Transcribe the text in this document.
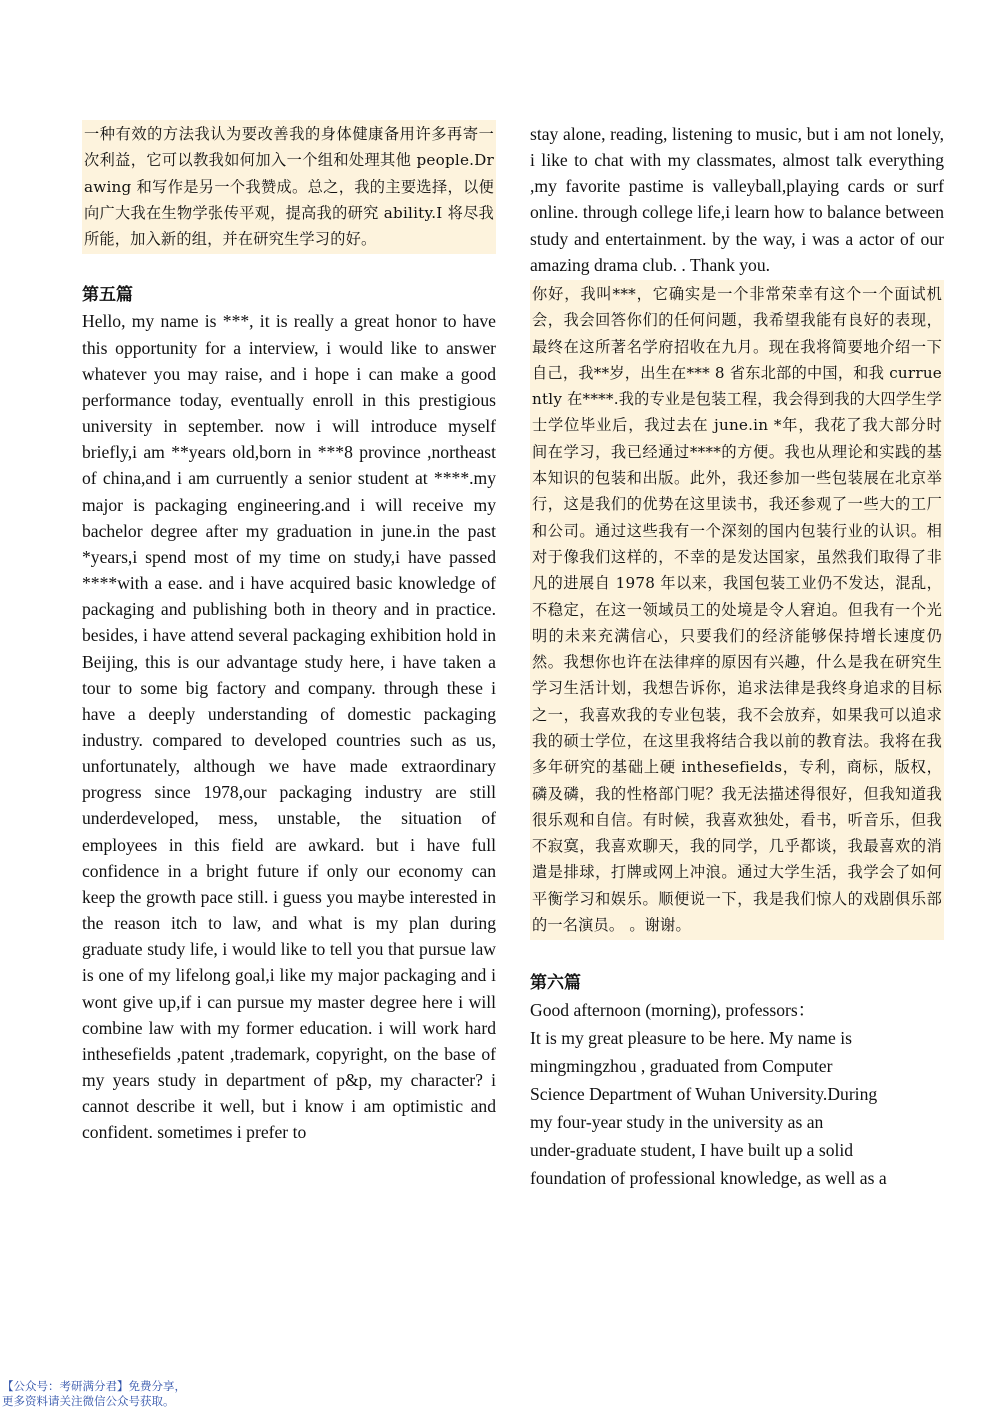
一种有效的方法我认为要改善我的身体健康备用许多再寄一次利益，它可以教我如何加入一个组和处理其他 people.Drawing 和写作是另一个我赞成。总之，我的主要选择，以便向广大我在生物学张传平观，提高我的研究 ability.I 将尽我所能，加入新的组，并在研究生学习的好。

第五篇

Hello, my name is ***, it is really a great honor to have this opportunity for a interview, i would like to answer whatever you may raise, and i hope i can make a good performance today, eventually enroll in this prestigious university in september. now i will introduce myself briefly,i am **years old,born in ***8 province ,northeast of china,and i am curruently a senior student at ****.my major is packaging engineering.and i will receive my bachelor degree after my graduation in june.in the past *years,i spend most of my time on study,i have passed ****with a ease. and i have acquired basic knowledge of packaging and publishing both in theory and in practice. besides, i have attend several packaging exhibition hold in Beijing, this is our advantage study here, i have taken a tour to some big factory and company. through these i have a deeply understanding of domestic packaging industry. compared to developed countries such as us, unfortunately, although we have made extraordinary progress since 1978,our packaging industry are still underdeveloped, mess, unstable, the situation of employees in this field are awkard. but i have full confidence in a bright future if only our economy can keep the growth pace still. i guess you maybe interested in the reason itch to law, and what is my plan during graduate study life, i would like to tell you that pursue law is one of my lifelong goal,i like my major packaging and i wont give up,if i can pursue my master degree here i will combine law with my former education. i will work hard inthesefields ,patent ,trademark, copyright, on the base of my years study in department of p&p, my character? i cannot describe it well, but i know i am optimistic and confident. sometimes i prefer to

stay alone, reading, listening to music, but i am not lonely, i like to chat with my classmates, almost talk everything ,my favorite pastime is valleyball,playing cards or surf online. through college life,i learn how to balance between study and entertainment. by the way, i was a actor of our amazing drama club. . Thank you.

你好，我叫***，它确实是一个非常荣幸有这个一个面试机会，我会回答你们的任何问题，我希望我能有良好的表现，最终在这所著名学府招收在九月。现在我将简要地介绍一下自己，我**岁，出生在*** 8 省东北部的中国，和我 curruently 在****.我的专业是包装工程，我会得到我的大四学生学士学位毕业后，我过去在 june.in *年，我花了我大部分时间在学习，我已经通过****的方便。我也从理论和实践的基本知识的包装和出版。此外，我还参加一些包装展在北京举行，这是我们的优势在这里读书，我还参观了一些大的工厂和公司。通过这些我有一个深刻的国内包装行业的认识。相对于像我们这样的，不幸的是发达国家，虽然我们取得了非凡的进展自 1978 年以来，我国包装工业仍不发达，混乱，不稳定，在这一领域员工的处境是令人窘迫。但我有一个光明的未来充满信心，只要我们的经济能够保持增长速度仍然。我想你也许在法律痒的原因有兴趣，什么是我在研究生学习生活计划，我想告诉你，追求法律是我终身追求的目标之一，我喜欢我的专业包装，我不会放弃，如果我可以追求我的硕士学位，在这里我将结合我以前的教育法。我将在我多年研究的基础上硬 inthesefields，专利，商标，版权，磷及磷，我的性格部门呢？我无法描述得很好，但我知道我很乐观和自信。有时候，我喜欢独处，看书，听音乐，但我不寂寞，我喜欢聊天，我的同学，几乎都谈，我最喜欢的消遣是排球，打牌或网上冲浪。通过大学生活，我学会了如何平衡学习和娱乐。顺便说一下，我是我们惊人的戏剧俱乐部的一名演员。 。谢谢。

第六篇

Good afternoon (morning), professors：
It is my great pleasure to be here. My name is
mingmingzhou , graduated from Computer
Science Department of Wuhan University.During
my four-year study in the university as an
under-graduate student, I have built up a solid
foundation of professional knowledge, as well as a
【公众号：考研满分君】免费分享，
更多资料请关注微信公众号获取。
